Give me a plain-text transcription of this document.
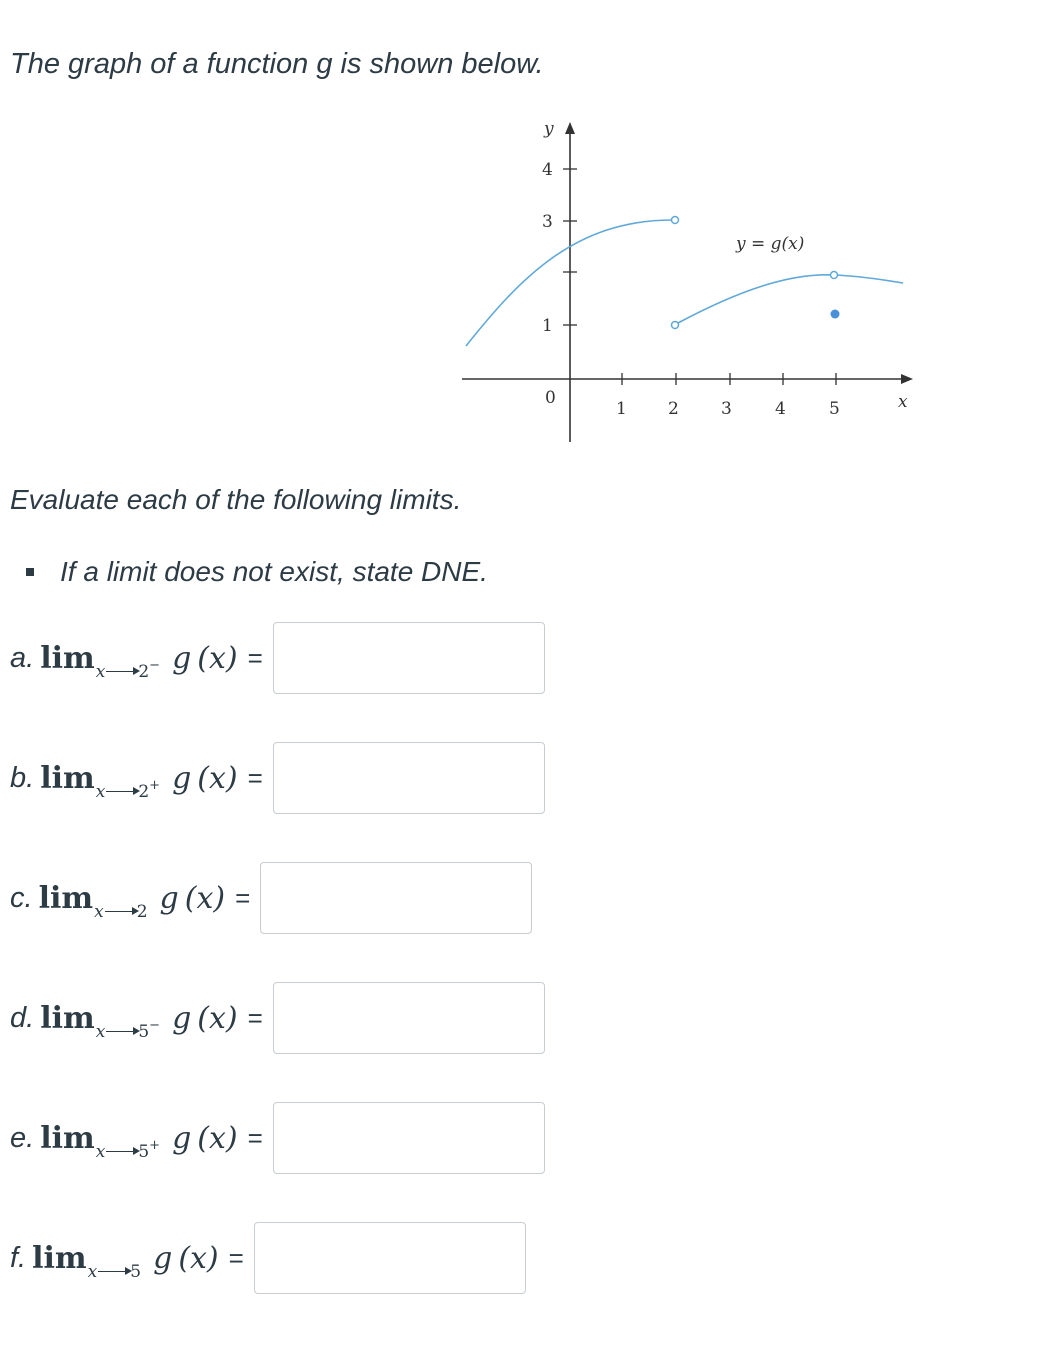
The graph of a function g is shown below.
y
4
3
1
0
1 2 3	4	5	x
y = g(x)
Evaluate each of the following limits.
If a limit does not exist, state DNE.
a. lim x 2− g (x) =
b. lim x 2+ g (x) =
c. lim x 2 g (x) =
d. lim x 5− g (x) =
e. lim x 5+ g (x) =
f. lim x 5 g (x) =
